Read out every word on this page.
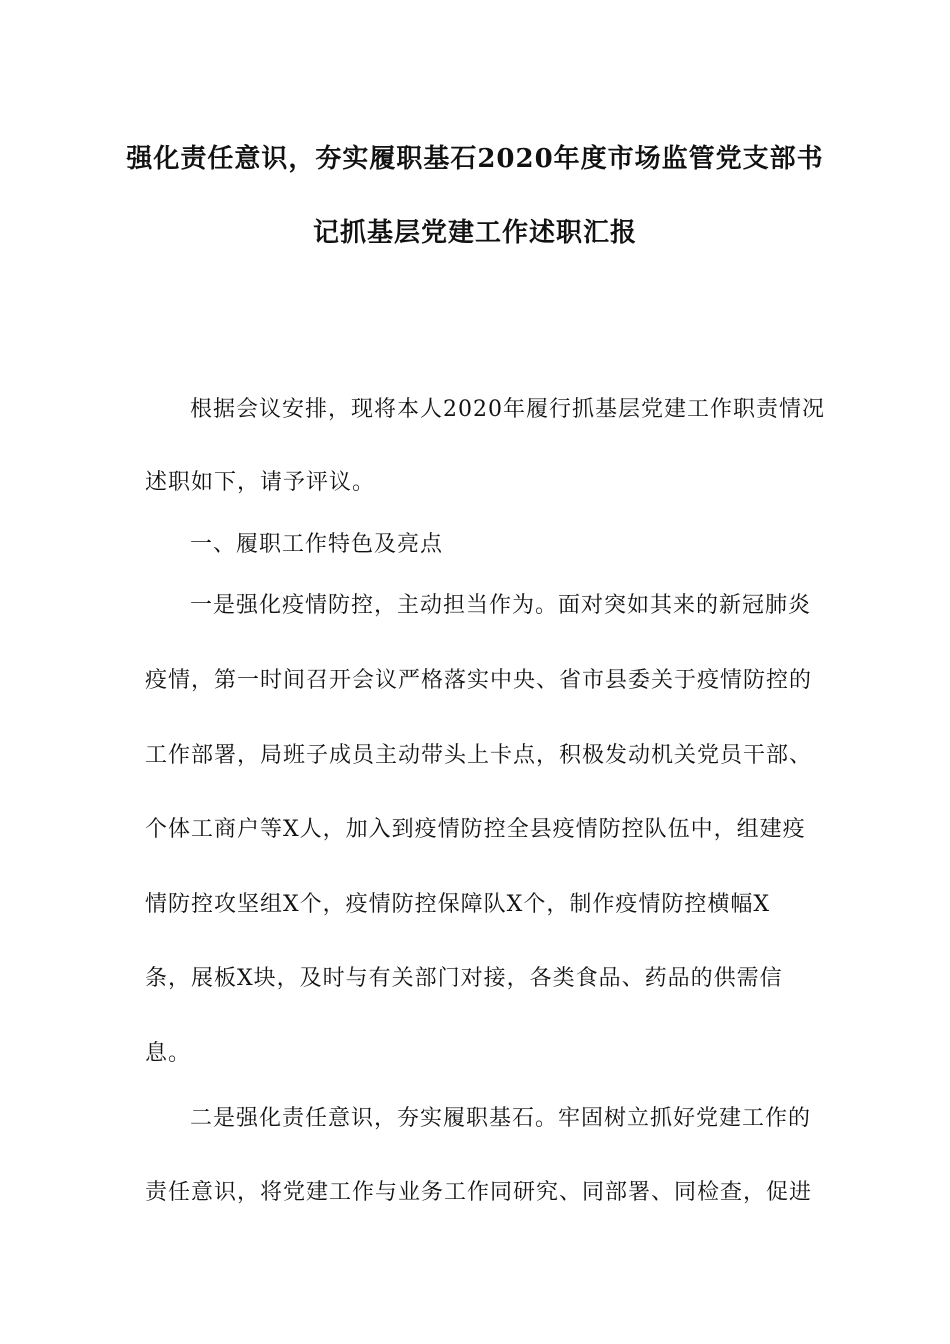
强化责任意识，夯实履职基石2020年度市场监管党支部书
记抓基层党建工作述职汇报
根据会议安排，现将本人2020年履行抓基层党建工作职责情况
述职如下，请予评议。
一、履职工作特色及亮点
一是强化疫情防控，主动担当作为。面对突如其来的新冠肺炎
疫情，第一时间召开会议严格落实中央、省市县委关于疫情防控的
工作部署，局班子成员主动带头上卡点，积极发动机关党员干部、
个体工商户等X人，加入到疫情防控全县疫情防控队伍中，组建疫
情防控攻坚组X个，疫情防控保障队X个，制作疫情防控横幅X
条，展板X块，及时与有关部门对接，各类食品、药品的供需信
息。
二是强化责任意识，夯实履职基石。牢固树立抓好党建工作的
责任意识，将党建工作与业务工作同研究、同部署、同检查，促进
